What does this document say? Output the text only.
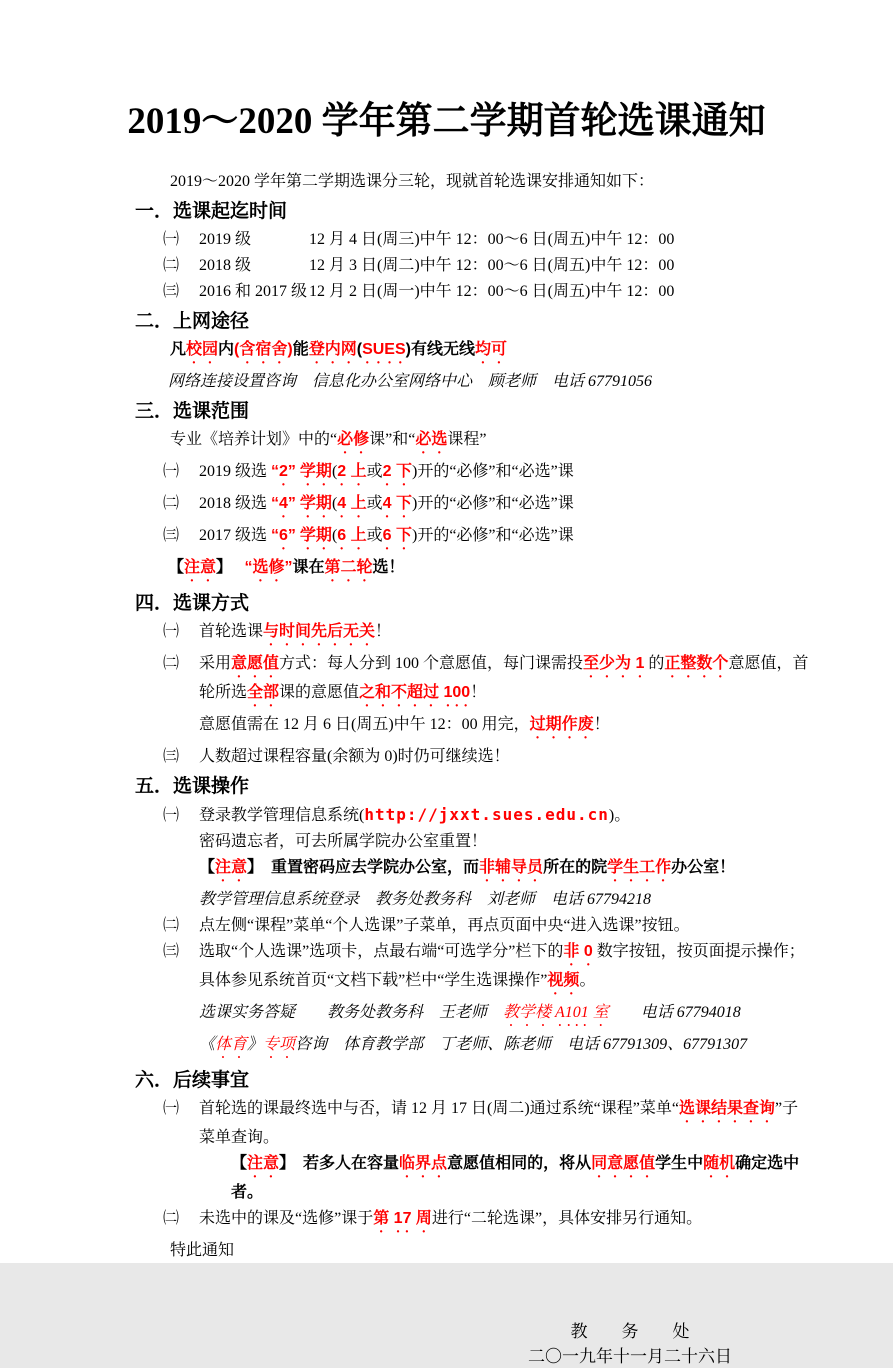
2019～2020 学年第二学期首轮选课通知
2019～2020 学年第二学期选课分三轮，现就首轮选课安排通知如下：
一．选课起迄时间
㈠ 2019 级	12 月 4 日(周三)中午 12：00～6 日(周五)中午 12：00
㈡ 2018 级	12 月 3 日(周二)中午 12：00～6 日(周五)中午 12：00
㈢ 2016 和 2017 级 12 月 2 日(周一)中午 12：00～6 日(周五)中午 12：00
二．上网途径
凡校园内(含宿舍)能登内网(SUES)有线无线均可
网络连接设置咨询　信息化办公室网络中心　顾老师　电话 67791056
三．选课范围
专业《培养计划》中的“必修课”和“必选课程”
㈠ 2019 级选 “2” 学期(2 上或2 下)开的“必修”和“必选”课
㈡ 2018 级选 “4” 学期(4 上或4 下)开的“必修”和“必选”课
㈢ 2017 级选 “6” 学期(6 上或6 下)开的“必修”和“必选”课
【注意】　 “选修”课在第二轮选！
四．选课方式
㈠ 首轮选课与时间先后无关！
㈡ 采用意愿值方式：每人分到 100 个意愿值，每门课需投至少为 1 的正整数个意愿值，首轮所选全部课的意愿值之和不超过 100！
意愿值需在 12 月 6 日(周五)中午 12：00 用完，过期作废！
㈢ 人数超过课程容量(余额为 0)时仍可继续选！
五．选课操作
㈠ 登录教学管理信息系统(http://jxxt.sues.edu.cn)。
密码遗忘者，可去所属学院办公室重置！
【注意】　重置密码应去学院办公室，而非辅导员所在的院学生工作办公室！
教学管理信息系统登录　教务处教务科　刘老师　电话 67794218
㈡ 点左侧“课程”菜单“个人选课”子菜单，再点页面中央“进入选课”按钮。
㈢ 选取“个人选课”选项卡，点最右端“可选学分”栏下的非 0 数字按钮，按页面提示操作；具体参见系统首页“文档下载”栏中“学生选课操作”视频。
选课实务答疑　　教务处教务科　王老师　教学楼 A101 室　　电话 67794018
《体育》专项咨询　体育教学部　丁老师、陈老师　电话 67791309、67791307
六．后续事宜
㈠ 首轮选的课最终选中与否，请 12 月 17 日(周二)通过系统“课程”菜单“选课结果查询”子菜单查询。
【注意】　若多人在容量临界点意愿值相同的，将从同意愿值学生中随机确定选中者。
㈡ 未选中的课及“选修”课于第 17 周进行“二轮选课”，具体安排另行通知。
特此通知
教　　务　　处
二〇一九年十一月二十六日
